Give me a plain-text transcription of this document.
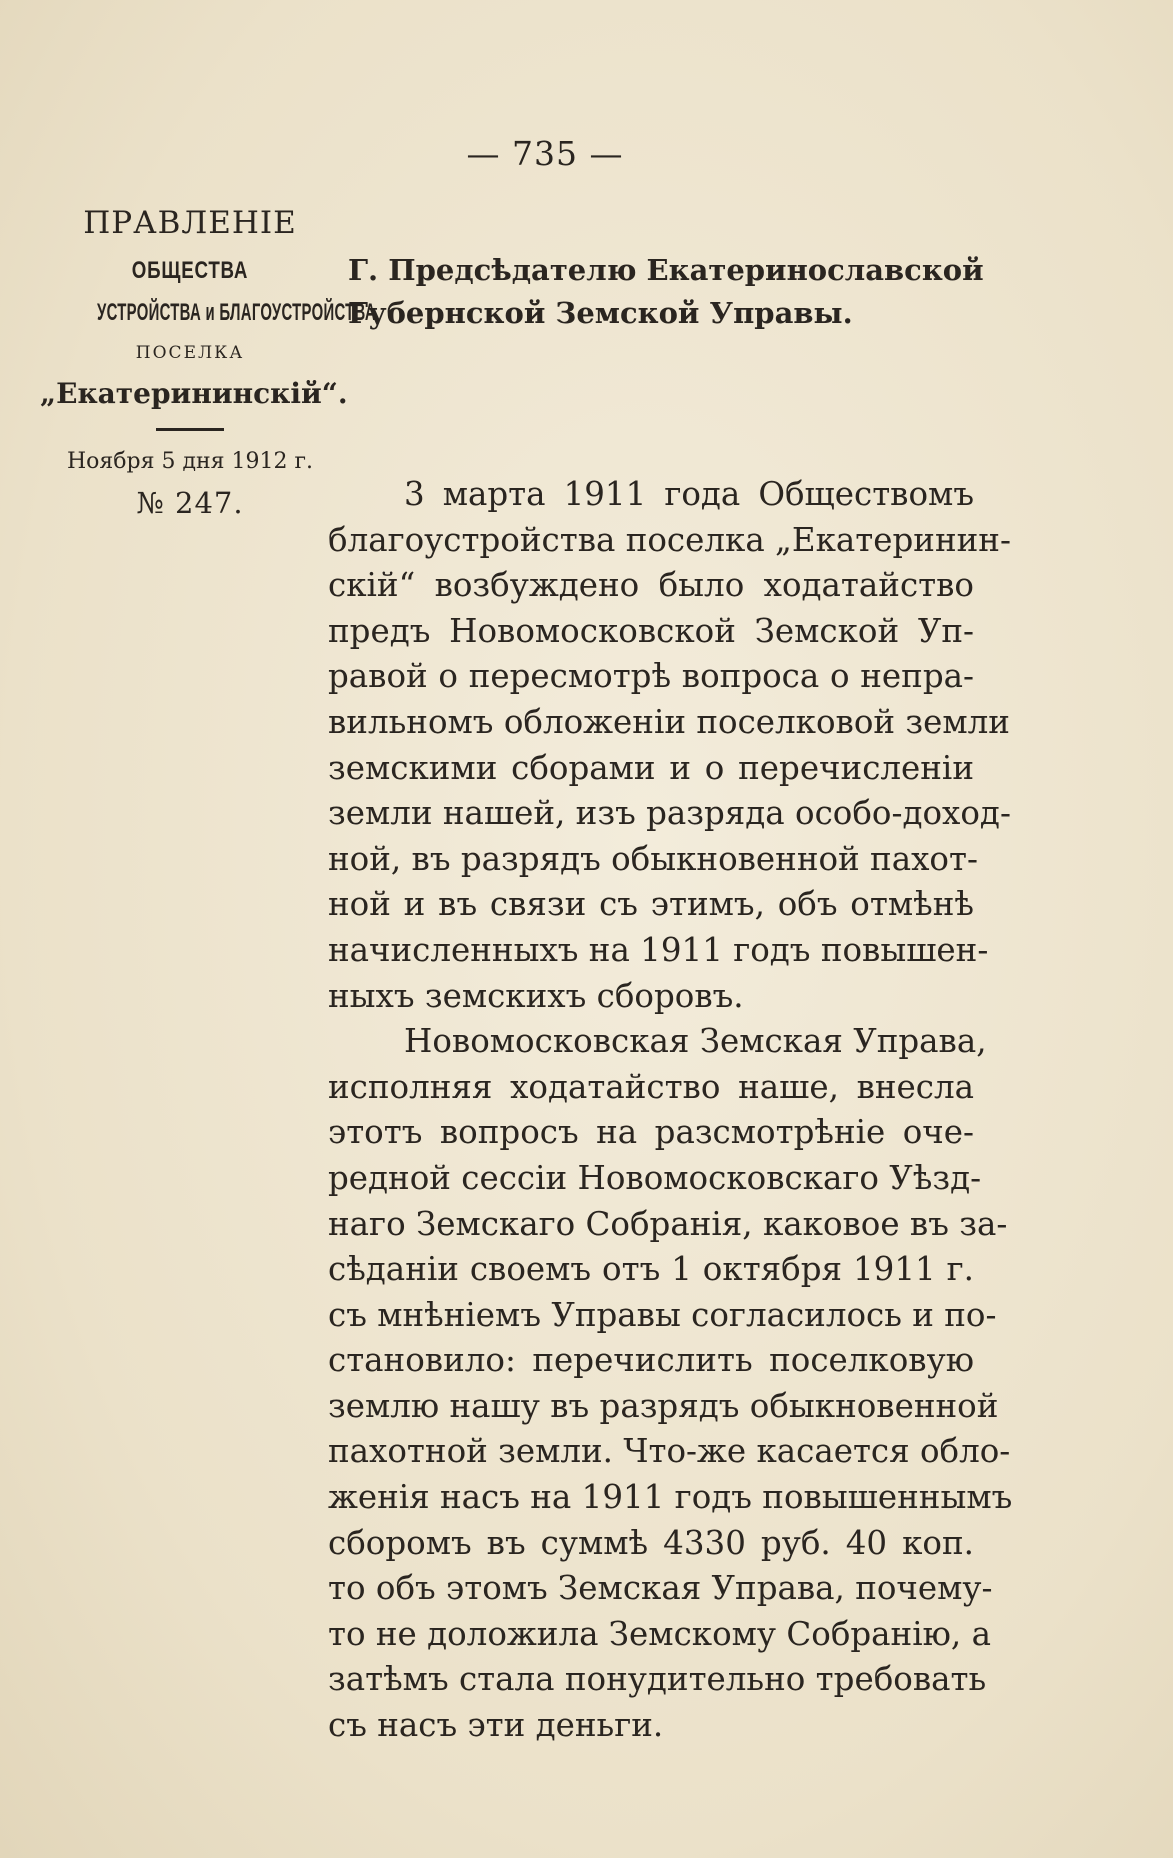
— 735 —
ПРАВЛЕНІЕ
ОБЩЕСТВА
УСТРОЙСТВА и БЛАГОУСТРОЙСТВА
ПОСЕЛКА
„Екатерининскій“.
Ноября 5 дня 1912 г.
№ 247.
Г. Предсѣдателю Екатеринославской
Губернской Земской Управы.
3 марта 1911 года Обществомъ
благоустройства поселка „Екатеринин-
скій“ возбуждено было ходатайство
предъ Новомосковской Земской Уп-
равой о пересмотрѣ вопроса о непра-
вильномъ обложеніи поселковой земли
земскими сборами и о перечисленіи
земли нашей, изъ разряда особо-доход-
ной, въ разрядъ обыкновенной пахот-
ной и въ связи съ этимъ, объ отмѣнѣ
начисленныхъ на 1911 годъ повышен-
ныхъ земскихъ сборовъ.
Новомосковская Земская Управа,
исполняя ходатайство наше, внесла
этотъ вопросъ на разсмотрѣніе оче-
редной сессіи Новомосковскаго Уѣзд-
наго Земскаго Собранія, каковое въ за-
сѣданіи своемъ отъ 1 октября 1911 г.
съ мнѣніемъ Управы согласилось и по-
становило: перечислить поселковую
землю нашу въ разрядъ обыкновенной
пахотной земли. Что-же касается обло-
женія насъ на 1911 годъ повышеннымъ
сборомъ въ суммѣ 4330 руб. 40 коп.
то объ этомъ Земская Управа, почему-
то не доложила Земскому Собранію, а
затѣмъ стала понудительно требовать
съ насъ эти деньги.
